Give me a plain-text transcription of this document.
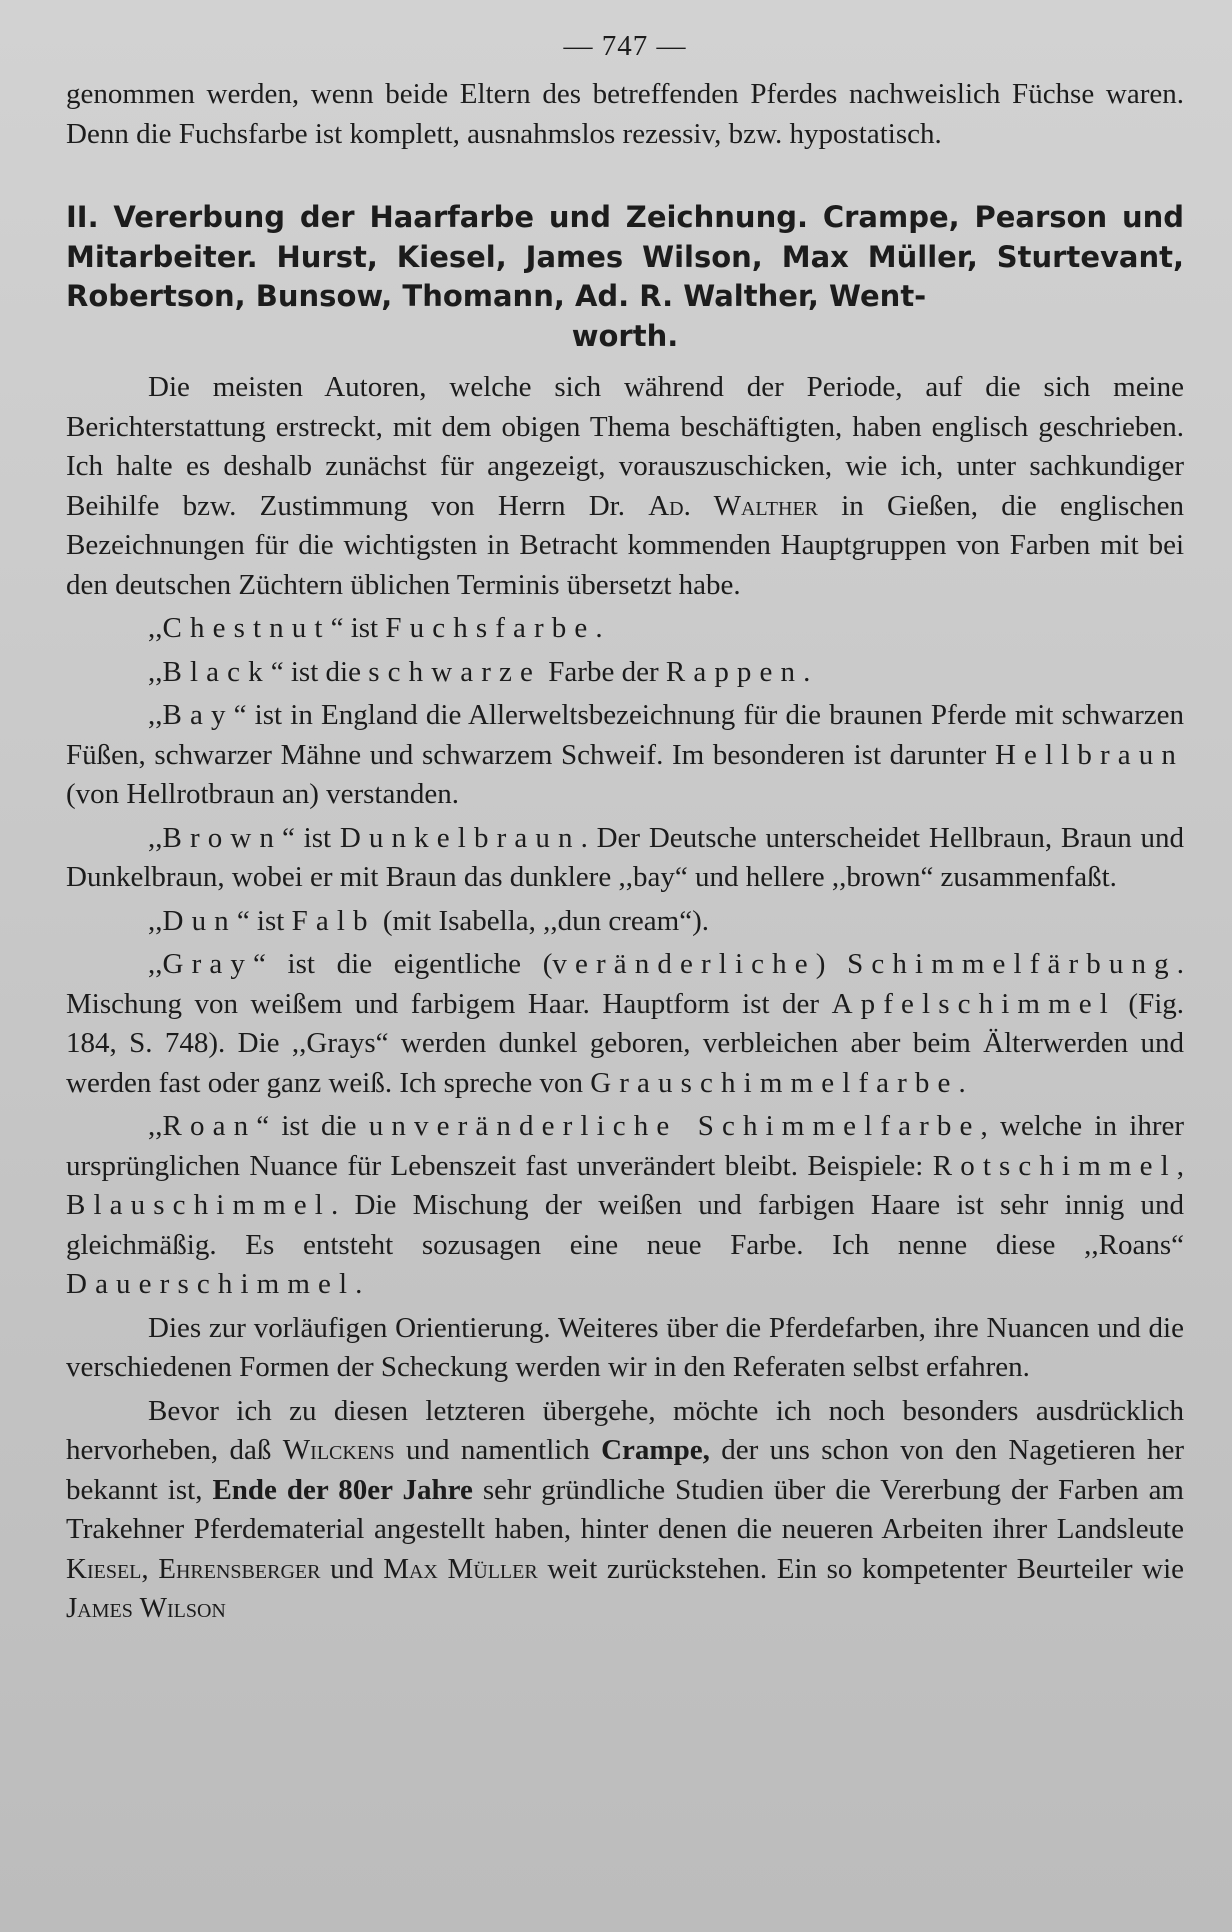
— 747 —

genommen werden, wenn beide Eltern des betreffenden Pferdes nachweislich Füchse waren. Denn die Fuchsfarbe ist komplett, ausnahmslos rezessiv, bzw. hypostatisch.

II. Vererbung der Haarfarbe und Zeichnung. Crampe, Pearson und Mitarbeiter. Hurst, Kiesel, James Wilson, Max Müller, Sturtevant, Robertson, Bunsow, Thomann, Ad. R. Walther, Went-
worth.

Die meisten Autoren, welche sich während der Periode, auf die sich meine Berichterstattung erstreckt, mit dem obigen Thema beschäftigten, haben englisch geschrieben. Ich halte es deshalb zunächst für angezeigt, vorauszuschicken, wie ich, unter sachkundiger Beihilfe bzw. Zustimmung von Herrn Dr. Ad. Walther in Gießen, die englischen Bezeichnungen für die wichtigsten in Betracht kommenden Hauptgruppen von Farben mit bei den deutschen Züchtern üblichen Terminis übersetzt habe.

,,Chestnut“ ist Fuchsfarbe.

,,Black“ ist die schwarze Farbe der Rappen.

,,Bay“ ist in England die Allerweltsbezeichnung für die braunen Pferde mit schwarzen Füßen, schwarzer Mähne und schwarzem Schweif. Im besonderen ist darunter Hellbraun (von Hellrotbraun an) verstanden.

,,Brown“ ist Dunkelbraun. Der Deutsche unterscheidet Hellbraun, Braun und Dunkelbraun, wobei er mit Braun das dunklere ,,bay“ und hellere ,,brown“ zusammenfaßt.

,,Dun“ ist Falb (mit Isabella, ,,dun cream“).

,,Gray“ ist die eigentliche (veränderliche) Schimmelfärbung. Mischung von weißem und farbigem Haar. Hauptform ist der Apfelschimmel (Fig. 184, S. 748). Die ,,Grays“ werden dunkel geboren, verbleichen aber beim Älterwerden und werden fast oder ganz weiß. Ich spreche von Grauschimmelfarbe.

,,Roan“ ist die unveränderliche Schimmelfarbe, welche in ihrer ursprünglichen Nuance für Lebenszeit fast unverändert bleibt. Beispiele: Rotschimmel, Blauschimmel. Die Mischung der weißen und farbigen Haare ist sehr innig und gleichmäßig. Es entsteht sozusagen eine neue Farbe. Ich nenne diese ,,Roans“ Dauerschimmel.

Dies zur vorläufigen Orientierung. Weiteres über die Pferdefarben, ihre Nuancen und die verschiedenen Formen der Scheckung werden wir in den Referaten selbst erfahren.

Bevor ich zu diesen letzteren übergehe, möchte ich noch besonders ausdrücklich hervorheben, daß Wilckens und namentlich Crampe, der uns schon von den Nagetieren her bekannt ist, Ende der 80er Jahre sehr gründliche Studien über die Vererbung der Farben am Trakehner Pferdematerial angestellt haben, hinter denen die neueren Arbeiten ihrer Landsleute Kiesel, Ehrensberger und Max Müller weit zurückstehen. Ein so kompetenter Beurteiler wie James Wilson
